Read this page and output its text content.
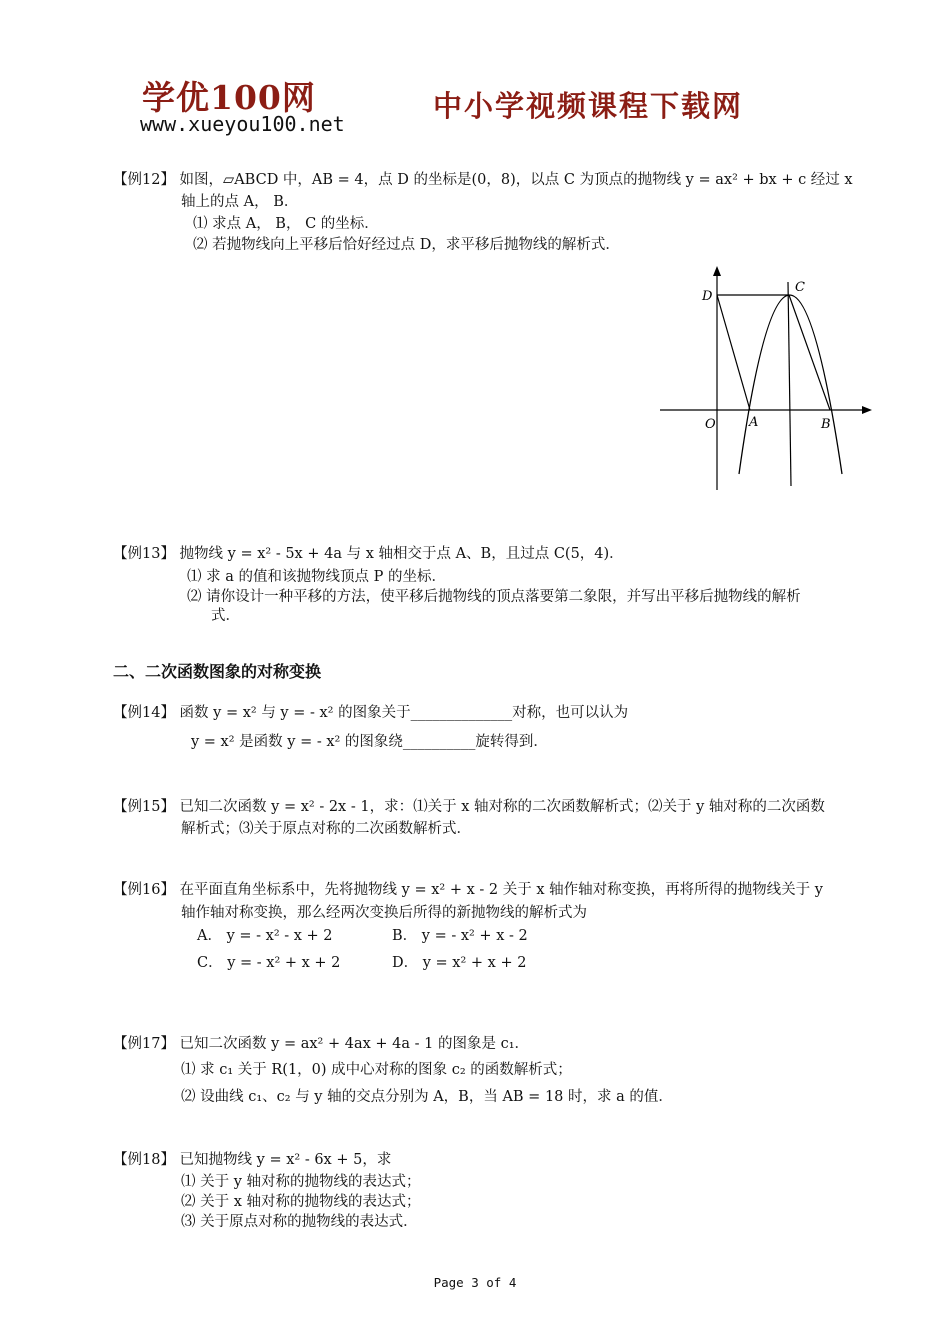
学优100网
www.xueyou100.net
中小学视频课程下载网
【例12】 如图，▱ABCD 中，AB = 4，点 D 的坐标是(0，8)，以点 C 为顶点的抛物线 y = ax² + bx + c 经过 x
轴上的点 A， B．
⑴ 求点 A， B， C 的坐标．
⑵ 若抛物线向上平移后恰好经过点 D，求平移后抛物线的解析式．
D
C
O	A	B
【例13】 抛物线 y = x² - 5x + 4a 与 x 轴相交于点 A、B，且过点 C(5，4)．
⑴ 求 a 的值和该抛物线顶点 P 的坐标．
⑵ 请你设计一种平移的方法，使平移后抛物线的顶点落要第二象限，并写出平移后抛物线的解析
式．
二、二次函数图象的对称变换
【例14】 函数 y = x² 与 y = - x² 的图象关于______________对称，也可以认为
y = x² 是函数 y = - x² 的图象绕__________旋转得到．
【例15】 已知二次函数 y = x² - 2x - 1，求：⑴关于 x 轴对称的二次函数解析式；⑵关于 y 轴对称的二次函数
解析式；⑶关于原点对称的二次函数解析式．
【例16】 在平面直角坐标系中，先将抛物线 y = x² + x - 2 关于 x 轴作轴对称变换，再将所得的抛物线关于 y
轴作轴对称变换，那么经两次变换后所得的新抛物线的解析式为
A． y = - x² - x + 2	B． y = - x² + x - 2
C． y = - x² + x + 2	D． y = x² + x + 2
【例17】 已知二次函数 y = ax² + 4ax + 4a - 1 的图象是 c₁．
⑴ 求 c₁ 关于 R(1，0) 成中心对称的图象 c₂ 的函数解析式；
⑵ 设曲线 c₁、c₂ 与 y 轴的交点分别为 A，B，当 AB = 18 时，求 a 的值．
【例18】 已知抛物线 y = x² - 6x + 5，求
⑴ 关于 y 轴对称的抛物线的表达式；
⑵ 关于 x 轴对称的抛物线的表达式；
⑶ 关于原点对称的抛物线的表达式．
Page 3 of 4
